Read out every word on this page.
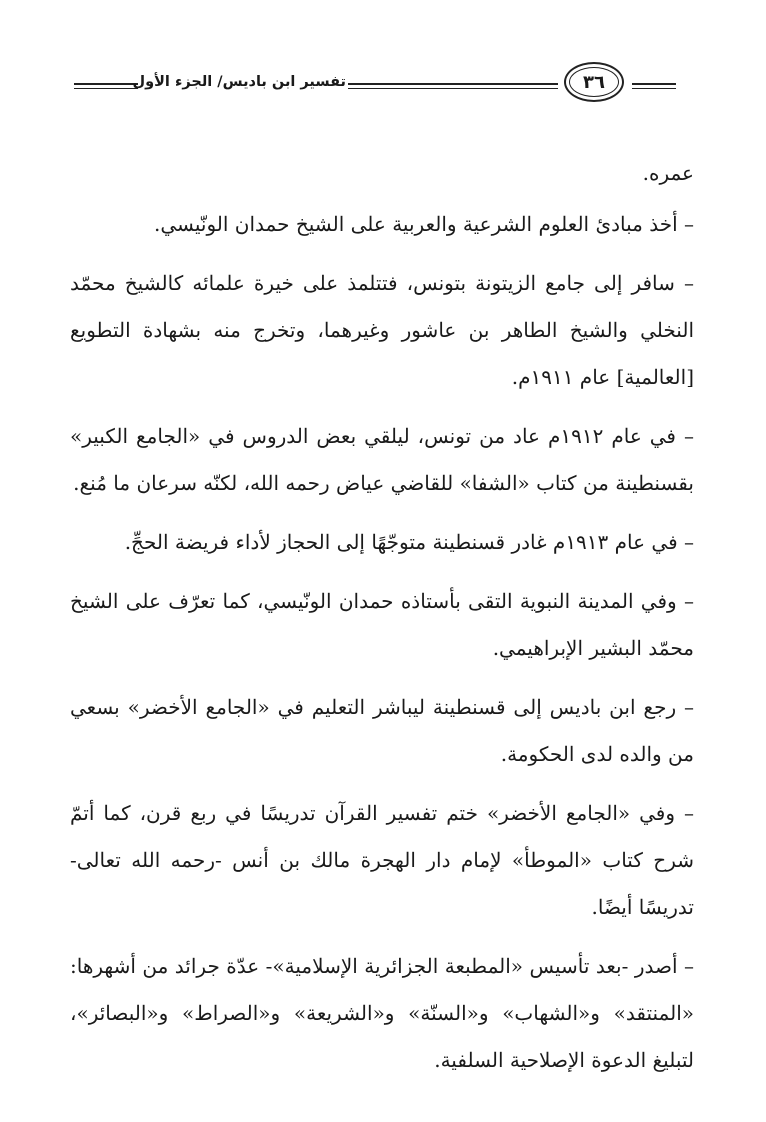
تفسير ابن باديس/ الجزء الأول	٣٦

عمره.

– أخذ مبادئ العلوم الشرعية والعربية على الشيخ حمدان الونّيسي.

– سافر إلى جامع الزيتونة بتونس، فتتلمذ على خيرة علمائه كالشيخ محمّد النخلي والشيخ الطاهر بن عاشور وغيرهما، وتخرج منه بشهادة التطويع [العالمية] عام ١٩١١م.

– في عام ١٩١٢م عاد من تونس، ليلقي بعض الدروس في «الجامع الكبير» بقسنطينة من كتاب «الشفا» للقاضي عياض رحمه الله، لكنّه سرعان ما مُنع.

– في عام ١٩١٣م غادر قسنطينة متوجّهًا إلى الحجاز لأداء فريضة الحجِّ.

– وفي المدينة النبوية التقى بأستاذه حمدان الونّيسي، كما تعرّف على الشيخ محمّد البشير الإبراهيمي.

– رجع ابن باديس إلى قسنطينة ليباشر التعليم في «الجامع الأخضر» بسعي من والده لدى الحكومة.

– وفي «الجامع الأخضر» ختم تفسير القرآن تدريسًا في ربع قرن، كما أتمّ شرح كتاب «الموطأ» لإمام دار الهجرة مالك بن أنس -رحمه الله تعالى- تدريسًا أيضًا.

– أصدر -بعد تأسيس «المطبعة الجزائرية الإسلامية»- عدّة جرائد من أشهرها: «المنتقد» و«الشهاب» و«السنّة» و«الشريعة» و«الصراط» و«البصائر»، لتبليغ الدعوة الإصلاحية السلفية.
